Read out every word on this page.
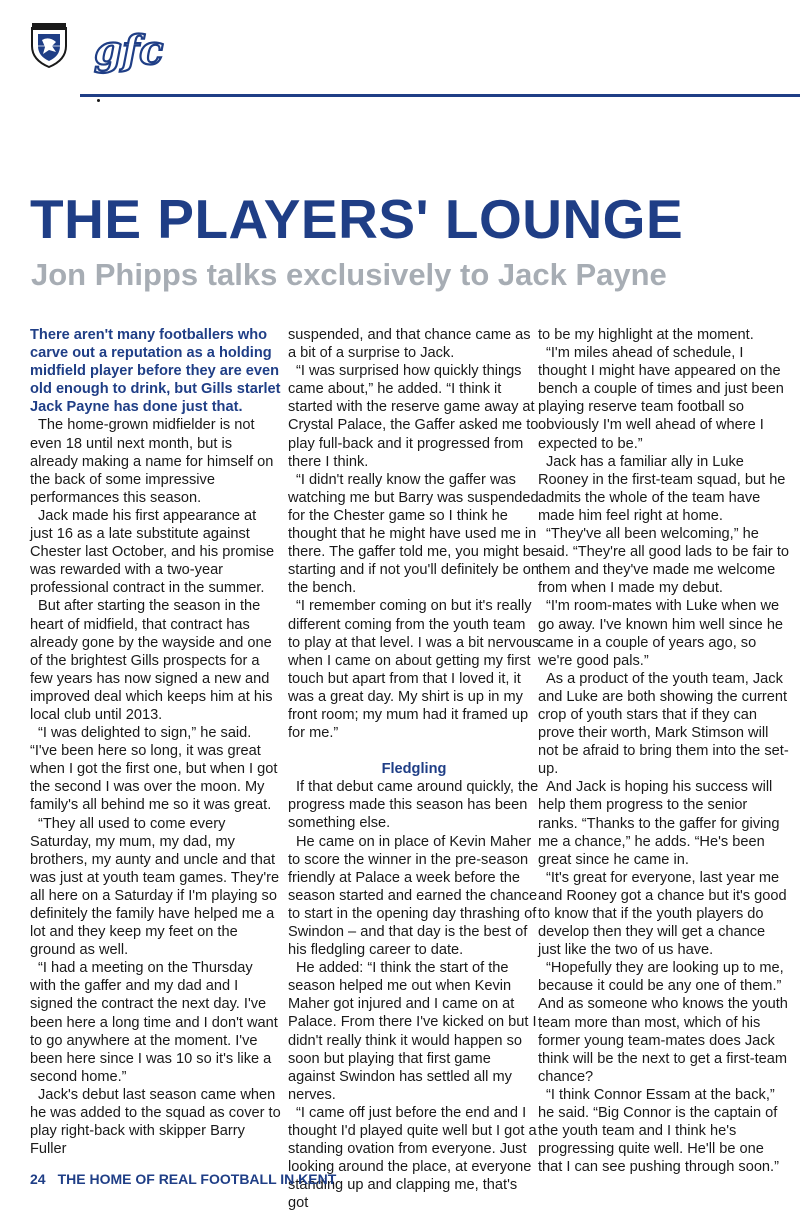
gfc
THE PLAYERS' LOUNGE
Jon Phipps talks exclusively to Jack Payne

There aren't many footballers who carve out a reputation as a holding midfield player before they are even old enough to drink, but Gills starlet Jack Payne has done just that.

The home-grown midfielder is not even 18 until next month, but is already making a name for himself on the back of some impressive performances this season.

Jack made his first appearance at just 16 as a late substitute against Chester last October, and his promise was rewarded with a two-year professional contract in the summer.

But after starting the season in the heart of midfield, that contract has already gone by the wayside and one of the brightest Gills prospects for a few years has now signed a new and improved deal which keeps him at his local club until 2013.

“I was delighted to sign,” he said. “I've been here so long, it was great when I got the first one, but when I got the second I was over the moon. My family's all behind me so it was great.

“They all used to come every Saturday, my mum, my dad, my brothers, my aunty and uncle and that was just at youth team games. They're all here on a Saturday if I'm playing so definitely the family have helped me a lot and they keep my feet on the ground as well.

“I had a meeting on the Thursday with the gaffer and my dad and I signed the contract the next day. I've been here a long time and I don't want to go anywhere at the moment. I've been here since I was 10 so it's like a second home.”

Jack's debut last season came when he was added to the squad as cover to play right-back with skipper Barry Fuller

suspended, and that chance came as a bit of a surprise to Jack.

“I was surprised how quickly things came about,” he added. “I think it started with the reserve game away at Crystal Palace, the Gaffer asked me to play full-back and it progressed from there I think.

“I didn't really know the gaffer was watching me but Barry was suspended for the Chester game so I think he thought that he might have used me in there. The gaffer told me, you might be starting and if not you'll definitely be on the bench.

“I remember coming on but it's really different coming from the youth team to play at that level. I was a bit nervous when I came on about getting my first touch but apart from that I loved it, it was a great day. My shirt is up in my front room; my mum had it framed up for me.”

Fledgling

If that debut came around quickly, the progress made this season has been something else.

He came on in place of Kevin Maher to score the winner in the pre-season friendly at Palace a week before the season started and earned the chance to start in the opening day thrashing of Swindon – and that day is the best of his fledgling career to date.

He added: “I think the start of the season helped me out when Kevin Maher got injured and I came on at Palace. From there I've kicked on but I didn't really think it would happen so soon but playing that first game against Swindon has settled all my nerves.

“I came off just before the end and I thought I'd played quite well but I got a standing ovation from everyone. Just looking around the place, at everyone standing up and clapping me, that's got

to be my highlight at the moment.

“I'm miles ahead of schedule, I thought I might have appeared on the bench a couple of times and just been playing reserve team football so obviously I'm well ahead of where I expected to be.”

Jack has a familiar ally in Luke Rooney in the first-team squad, but he admits the whole of the team have made him feel right at home.

“They've all been welcoming,” he said. “They're all good lads to be fair to them and they've made me welcome from when I made my debut.

“I'm room-mates with Luke when we go away. I've known him well since he came in a couple of years ago, so we're good pals.”

As a product of the youth team, Jack and Luke are both showing the current crop of youth stars that if they can prove their worth, Mark Stimson will not be afraid to bring them into the set-up.

And Jack is hoping his success will help them progress to the senior ranks. “Thanks to the gaffer for giving me a chance,” he adds. “He's been great since he came in.

“It's great for everyone, last year me and Rooney got a chance but it's good to know that if the youth players do develop then they will get a chance just like the two of us have.

“Hopefully they are looking up to me, because it could be any one of them.” And as someone who knows the youth team more than most, which of his former young team-mates does Jack think will be the next to get a first-team chance?

“I think Connor Essam at the back,” he said. “Big Connor is the captain of the youth team and I think he's progressing quite well. He'll be one that I can see pushing through soon.”

24 THE HOME OF REAL FOOTBALL IN KENT
